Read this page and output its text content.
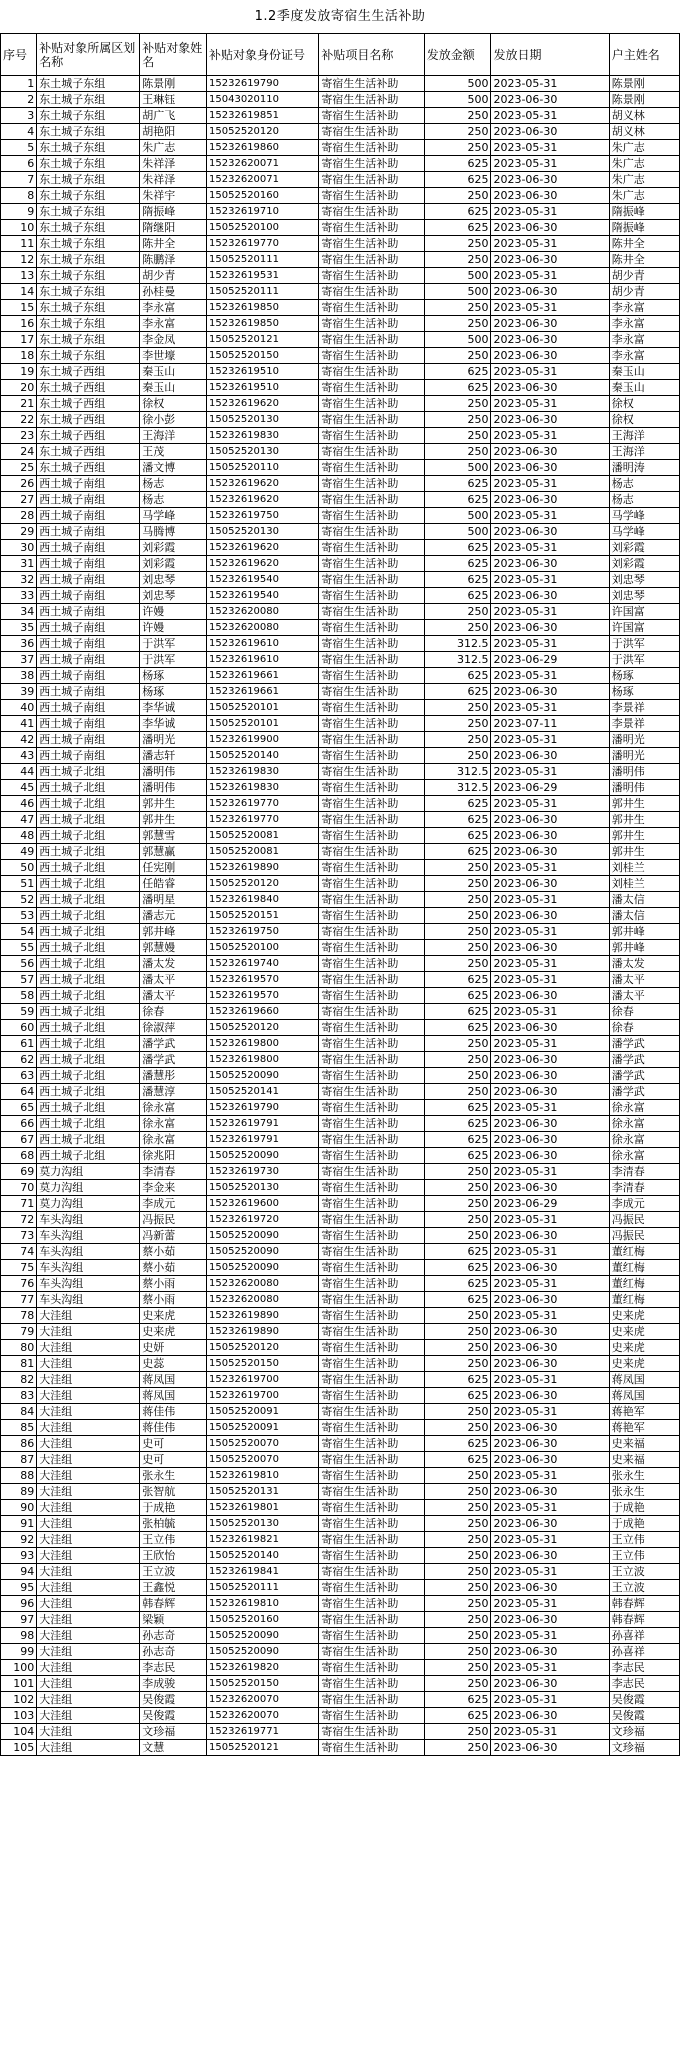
1.2季度发放寄宿生生活补助
序号	补贴对象所属区划名称	补贴对象姓名	补贴对象身份证号	补贴项目名称	发放金额	发放日期	户主姓名
1	东土城子东组	陈景刚	15232619790	寄宿生生活补助	500	2023-05-31	陈景刚
2	东土城子东组	王琳钰	15043020110	寄宿生生活补助	500	2023-06-30	陈景刚
3	东土城子东组	胡广飞	15232619851	寄宿生生活补助	250	2023-05-31	胡义林
4	东土城子东组	胡艳阳	15052520120	寄宿生生活补助	250	2023-06-30	胡义林
5	东土城子东组	朱广志	15232619860	寄宿生生活补助	250	2023-05-31	朱广志
6	东土城子东组	朱祥泽	15232620071	寄宿生生活补助	625	2023-05-31	朱广志
7	东土城子东组	朱祥泽	15232620071	寄宿生生活补助	625	2023-06-30	朱广志
8	东土城子东组	朱祥宇	15052520160	寄宿生生活补助	250	2023-06-30	朱广志
9	东土城子东组	隋振峰	15232619710	寄宿生生活补助	625	2023-05-31	隋振峰
10	东土城子东组	隋继阳	15052520100	寄宿生生活补助	625	2023-06-30	隋振峰
11	东土城子东组	陈井全	15232619770	寄宿生生活补助	250	2023-05-31	陈井全
12	东土城子东组	陈鹏泽	15052520111	寄宿生生活补助	250	2023-06-30	陈井全
13	东土城子东组	胡少青	15232619531	寄宿生生活补助	500	2023-05-31	胡少青
14	东土城子东组	孙桂曼	15052520111	寄宿生生活补助	500	2023-06-30	胡少青
15	东土城子东组	李永富	15232619850	寄宿生生活补助	250	2023-05-31	李永富
16	东土城子东组	李永富	15232619850	寄宿生生活补助	250	2023-06-30	李永富
17	东土城子东组	李金凤	15052520121	寄宿生生活补助	500	2023-06-30	李永富
18	东土城子东组	李世壕	15052520150	寄宿生生活补助	250	2023-06-30	李永富
19	东土城子西组	秦玉山	15232619510	寄宿生生活补助	625	2023-05-31	秦玉山
20	东土城子西组	秦玉山	15232619510	寄宿生生活补助	625	2023-06-30	秦玉山
21	东土城子西组	徐权	15232619620	寄宿生生活补助	250	2023-05-31	徐权
22	东土城子西组	徐小彭	15052520130	寄宿生生活补助	250	2023-06-30	徐权
23	东土城子西组	王海洋	15232619830	寄宿生生活补助	250	2023-05-31	王海洋
24	东土城子西组	王茂	15052520130	寄宿生生活补助	250	2023-06-30	王海洋
25	东土城子西组	潘文博	15052520110	寄宿生生活补助	500	2023-06-30	潘明涛
26	西土城子南组	杨志	15232619620	寄宿生生活补助	625	2023-05-31	杨志
27	西土城子南组	杨志	15232619620	寄宿生生活补助	625	2023-06-30	杨志
28	西土城子南组	马学峰	15232619750	寄宿生生活补助	500	2023-05-31	马学峰
29	西土城子南组	马腾博	15052520130	寄宿生生活补助	500	2023-06-30	马学峰
30	西土城子南组	刘彩霞	15232619620	寄宿生生活补助	625	2023-05-31	刘彩霞
31	西土城子南组	刘彩霞	15232619620	寄宿生生活补助	625	2023-06-30	刘彩霞
32	西土城子南组	刘忠琴	15232619540	寄宿生生活补助	625	2023-05-31	刘忠琴
33	西土城子南组	刘忠琴	15232619540	寄宿生生活补助	625	2023-06-30	刘忠琴
34	西土城子南组	许嫚	15232620080	寄宿生生活补助	250	2023-05-31	许国富
35	西土城子南组	许嫚	15232620080	寄宿生生活补助	250	2023-06-30	许国富
36	西土城子南组	于洪军	15232619610	寄宿生生活补助	312.5	2023-05-31	于洪军
37	西土城子南组	于洪军	15232619610	寄宿生生活补助	312.5	2023-06-29	于洪军
38	西土城子南组	杨琢	15232619661	寄宿生生活补助	625	2023-05-31	杨琢
39	西土城子南组	杨琢	15232619661	寄宿生生活补助	625	2023-06-30	杨琢
40	西土城子南组	李华诚	15052520101	寄宿生生活补助	250	2023-05-31	李景祥
41	西土城子南组	李华诚	15052520101	寄宿生生活补助	250	2023-07-11	李景祥
42	西土城子南组	潘明光	15232619900	寄宿生生活补助	250	2023-05-31	潘明光
43	西土城子南组	潘志轩	15052520140	寄宿生生活补助	250	2023-06-30	潘明光
44	西土城子北组	潘明伟	15232619830	寄宿生生活补助	312.5	2023-05-31	潘明伟
45	西土城子北组	潘明伟	15232619830	寄宿生生活补助	312.5	2023-06-29	潘明伟
46	西土城子北组	郭井生	15232619770	寄宿生生活补助	625	2023-05-31	郭井生
47	西土城子北组	郭井生	15232619770	寄宿生生活补助	625	2023-06-30	郭井生
48	西土城子北组	郭慧雪	15052520081	寄宿生生活补助	625	2023-06-30	郭井生
49	西土城子北组	郭慧赢	15052520081	寄宿生生活补助	625	2023-06-30	郭井生
50	西土城子北组	任宪刚	15232619890	寄宿生生活补助	250	2023-05-31	刘桂兰
51	西土城子北组	任皓睿	15052520120	寄宿生生活补助	250	2023-06-30	刘桂兰
52	西土城子北组	潘明星	15232619840	寄宿生生活补助	250	2023-05-31	潘太信
53	西土城子北组	潘志元	15052520151	寄宿生生活补助	250	2023-06-30	潘太信
54	西土城子北组	郭井峰	15232619750	寄宿生生活补助	250	2023-05-31	郭井峰
55	西土城子北组	郭慧嫚	15052520100	寄宿生生活补助	250	2023-06-30	郭井峰
56	西土城子北组	潘太发	15232619740	寄宿生生活补助	250	2023-05-31	潘太发
57	西土城子北组	潘太平	15232619570	寄宿生生活补助	625	2023-05-31	潘太平
58	西土城子北组	潘太平	15232619570	寄宿生生活补助	625	2023-06-30	潘太平
59	西土城子北组	徐春	15232619660	寄宿生生活补助	625	2023-05-31	徐春
60	西土城子北组	徐淑萍	15052520120	寄宿生生活补助	625	2023-06-30	徐春
61	西土城子北组	潘学武	15232619800	寄宿生生活补助	250	2023-05-31	潘学武
62	西土城子北组	潘学武	15232619800	寄宿生生活补助	250	2023-06-30	潘学武
63	西土城子北组	潘慧彤	15052520090	寄宿生生活补助	250	2023-06-30	潘学武
64	西土城子北组	潘慧淳	15052520141	寄宿生生活补助	250	2023-06-30	潘学武
65	西土城子北组	徐永富	15232619790	寄宿生生活补助	625	2023-05-31	徐永富
66	西土城子北组	徐永富	15232619791	寄宿生生活补助	625	2023-06-30	徐永富
67	西土城子北组	徐永富	15232619791	寄宿生生活补助	625	2023-06-30	徐永富
68	西土城子北组	徐兆阳	15052520090	寄宿生生活补助	625	2023-06-30	徐永富
69	莫力沟组	李清春	15232619730	寄宿生生活补助	250	2023-05-31	李清春
70	莫力沟组	李金来	15052520130	寄宿生生活补助	250	2023-06-30	李清春
71	莫力沟组	李成元	15232619600	寄宿生生活补助	250	2023-06-29	李成元
72	车头沟组	冯振民	15232619720	寄宿生生活补助	250	2023-05-31	冯振民
73	车头沟组	冯新蕾	15052520090	寄宿生生活补助	250	2023-06-30	冯振民
74	车头沟组	蔡小茹	15052520090	寄宿生生活补助	625	2023-05-31	董红梅
75	车头沟组	蔡小茹	15052520090	寄宿生生活补助	625	2023-06-30	董红梅
76	车头沟组	蔡小雨	15232620080	寄宿生生活补助	625	2023-05-31	董红梅
77	车头沟组	蔡小雨	15232620080	寄宿生生活补助	625	2023-06-30	董红梅
78	大洼组	史来虎	15232619890	寄宿生生活补助	250	2023-05-31	史来虎
79	大洼组	史来虎	15232619890	寄宿生生活补助	250	2023-06-30	史来虎
80	大洼组	史妍	15052520120	寄宿生生活补助	250	2023-06-30	史来虎
81	大洼组	史蕊	15052520150	寄宿生生活补助	250	2023-06-30	史来虎
82	大洼组	蒋凤国	15232619700	寄宿生生活补助	625	2023-05-31	蒋凤国
83	大洼组	蒋凤国	15232619700	寄宿生生活补助	625	2023-06-30	蒋凤国
84	大洼组	蒋佳伟	15052520091	寄宿生生活补助	250	2023-05-31	蒋艳军
85	大洼组	蒋佳伟	15052520091	寄宿生生活补助	250	2023-06-30	蒋艳军
86	大洼组	史可	15052520070	寄宿生生活补助	625	2023-06-30	史来福
87	大洼组	史可	15052520070	寄宿生生活补助	625	2023-06-30	史来福
88	大洼组	张永生	15232619810	寄宿生生活补助	250	2023-05-31	张永生
89	大洼组	张智航	15052520131	寄宿生生活补助	250	2023-06-30	张永生
90	大洼组	于成艳	15232619801	寄宿生生活补助	250	2023-05-31	于成艳
91	大洼组	张柏毓	15052520130	寄宿生生活补助	250	2023-06-30	于成艳
92	大洼组	王立伟	15232619821	寄宿生生活补助	250	2023-05-31	王立伟
93	大洼组	王欣怡	15052520140	寄宿生生活补助	250	2023-06-30	王立伟
94	大洼组	王立波	15232619841	寄宿生生活补助	250	2023-05-31	王立波
95	大洼组	王鑫悦	15052520111	寄宿生生活补助	250	2023-06-30	王立波
96	大洼组	韩春辉	15232619810	寄宿生生活补助	250	2023-05-31	韩春辉
97	大洼组	梁颖	15052520160	寄宿生生活补助	250	2023-06-30	韩春辉
98	大洼组	孙志奇	15052520090	寄宿生生活补助	250	2023-05-31	孙喜祥
99	大洼组	孙志奇	15052520090	寄宿生生活补助	250	2023-06-30	孙喜祥
100	大洼组	李志民	15232619820	寄宿生生活补助	250	2023-05-31	李志民
101	大洼组	李成骏	15052520150	寄宿生生活补助	250	2023-06-30	李志民
102	大洼组	吴俊霞	15232620070	寄宿生生活补助	625	2023-05-31	吴俊霞
103	大洼组	吴俊霞	15232620070	寄宿生生活补助	625	2023-06-30	吴俊霞
104	大洼组	文珍福	15232619771	寄宿生生活补助	250	2023-05-31	文珍福
105	大洼组	文慧	15052520121	寄宿生生活补助	250	2023-06-30	文珍福
